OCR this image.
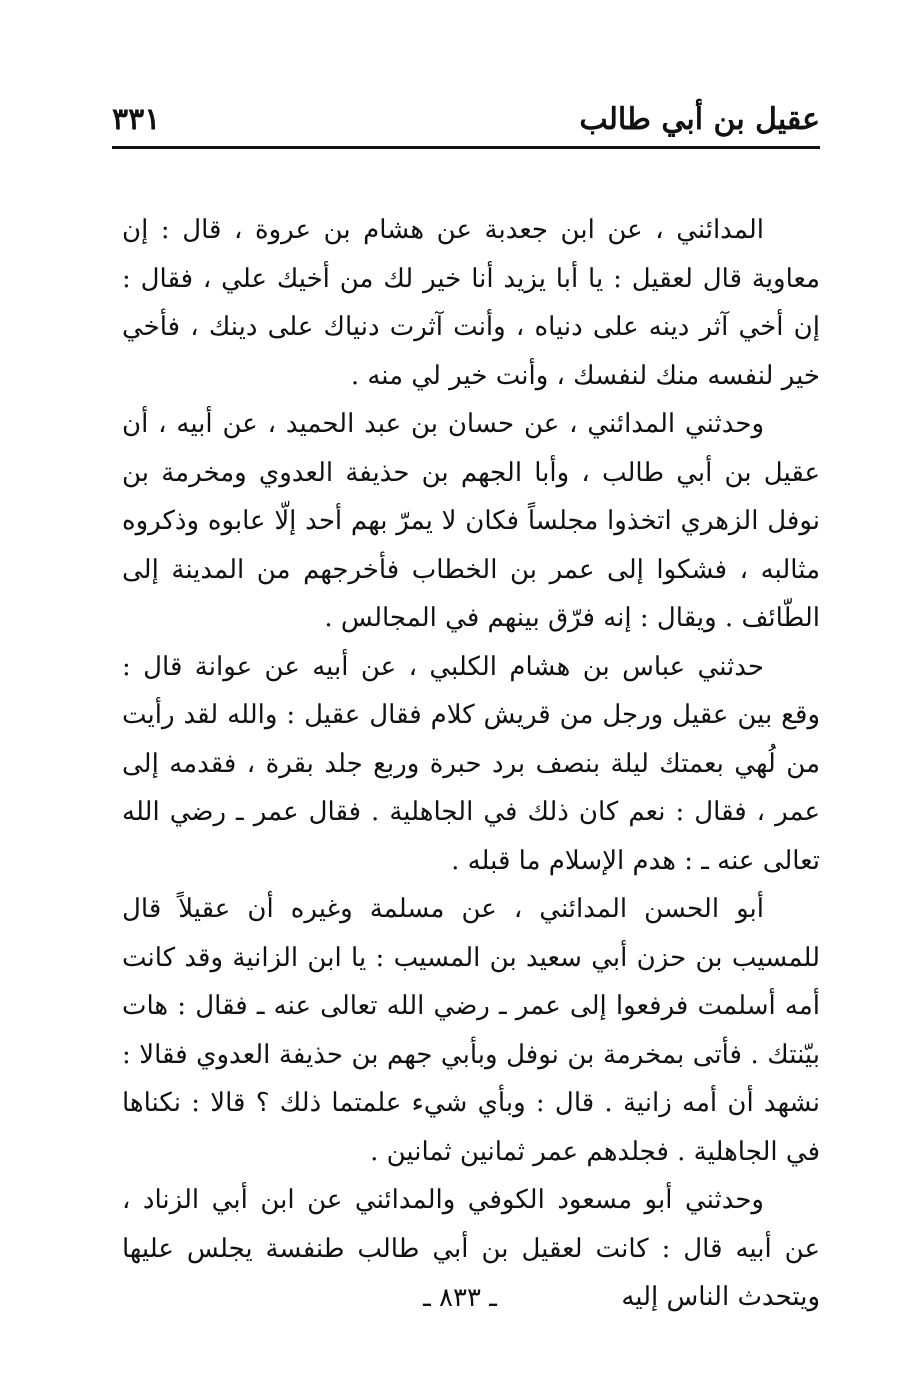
عقيل بن أبي طالب
٣٣١

المدائني ، عن ابن جعدبة عن هشام بن عروة ، قال : إن معاوية قال لعقيل : يا أبا يزيد أنا خير لك من أخيك علي ، فقال : إن أخي آثر دينه على دنياه ، وأنت آثرت دنياك على دينك ، فأخي خير لنفسه منك لنفسك ، وأنت خير لي منه .

وحدثني المدائني ، عن حسان بن عبد الحميد ، عن أبيه ، أن عقيل بن أبي طالب ، وأبا الجهم بن حذيفة العدوي ومخرمة بن نوفل الزهري اتخذوا مجلساً فكان لا يمرّ بهم أحد إلّا عابوه وذكروه مثالبه ، فشكوا إلى عمر بن الخطاب فأخرجهم من المدينة إلى الطّائف . ويقال : إنه فرّق بينهم في المجالس .

حدثني عباس بن هشام الكلبي ، عن أبيه عن عوانة قال : وقع بين عقيل ورجل من قريش كلام فقال عقيل : والله لقد رأيت من لُهي بعمتك ليلة بنصف برد حبرة وربع جلد بقرة ، فقدمه إلى عمر ، فقال : نعم كان ذلك في الجاهلية . فقال عمر ـ رضي الله تعالى عنه ـ : هدم الإسلام ما قبله .

أبو الحسن المدائني ، عن مسلمة وغيره أن عقيلاً قال للمسيب بن حزن أبي سعيد بن المسيب : يا ابن الزانية وقد كانت أمه أسلمت فرفعوا إلى عمر ـ رضي الله تعالى عنه ـ فقال : هات بيّنتك . فأتى بمخرمة بن نوفل وبأبي جهم بن حذيفة العدوي فقالا : نشهد أن أمه زانية . قال : وبأي شيء علمتما ذلك ؟ قالا : نكناها في الجاهلية . فجلدهم عمر ثمانين ثمانين .

وحدثني أبو مسعود الكوفي والمدائني عن ابن أبي الزناد ، عن أبيه قال : كانت لعقيل بن أبي طالب طنفسة يجلس عليها ويتحدث الناس إليه

ـ ٨٣٣ ـ
